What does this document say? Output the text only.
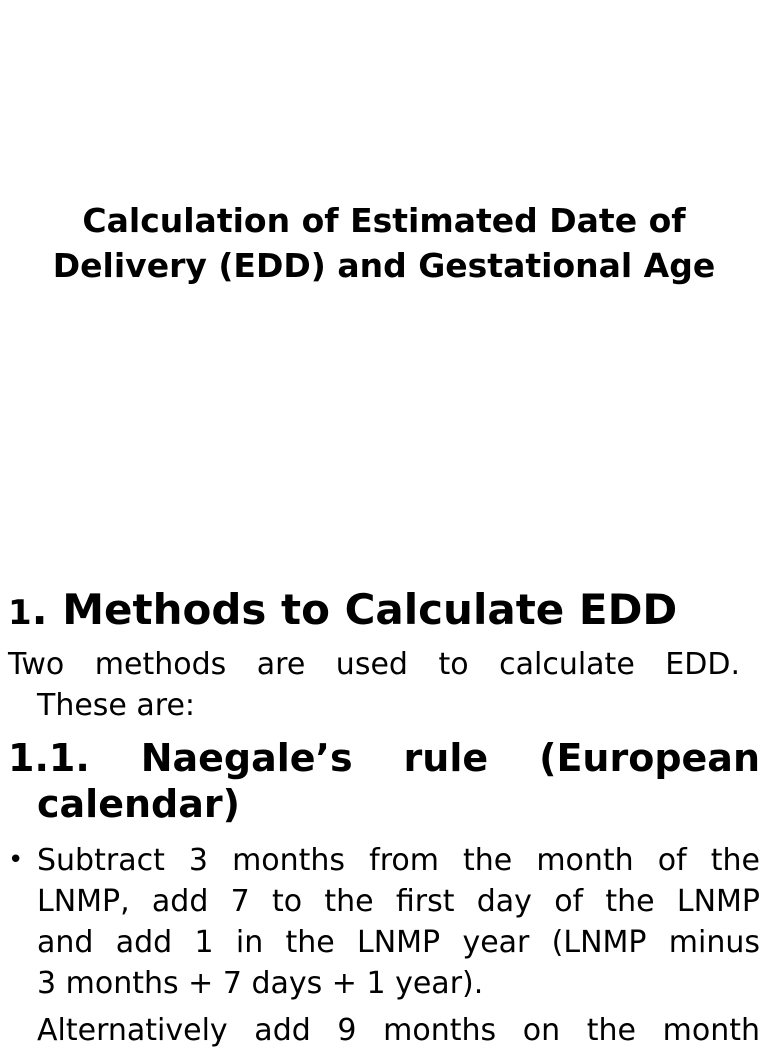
Calculation of Estimated Date of
Delivery (EDD) and Gestational Age
1. Methods to Calculate EDD
Two methods are used to calculate EDD.
These are:
1.1. Naegale’s rule (European
calendar)
• Subtract 3 months from the month of the
LNMP, add 7 to the first day of the LNMP
and add 1 in the LNMP year (LNMP minus
3 months + 7 days + 1 year).
Alternatively add 9 months on the month
